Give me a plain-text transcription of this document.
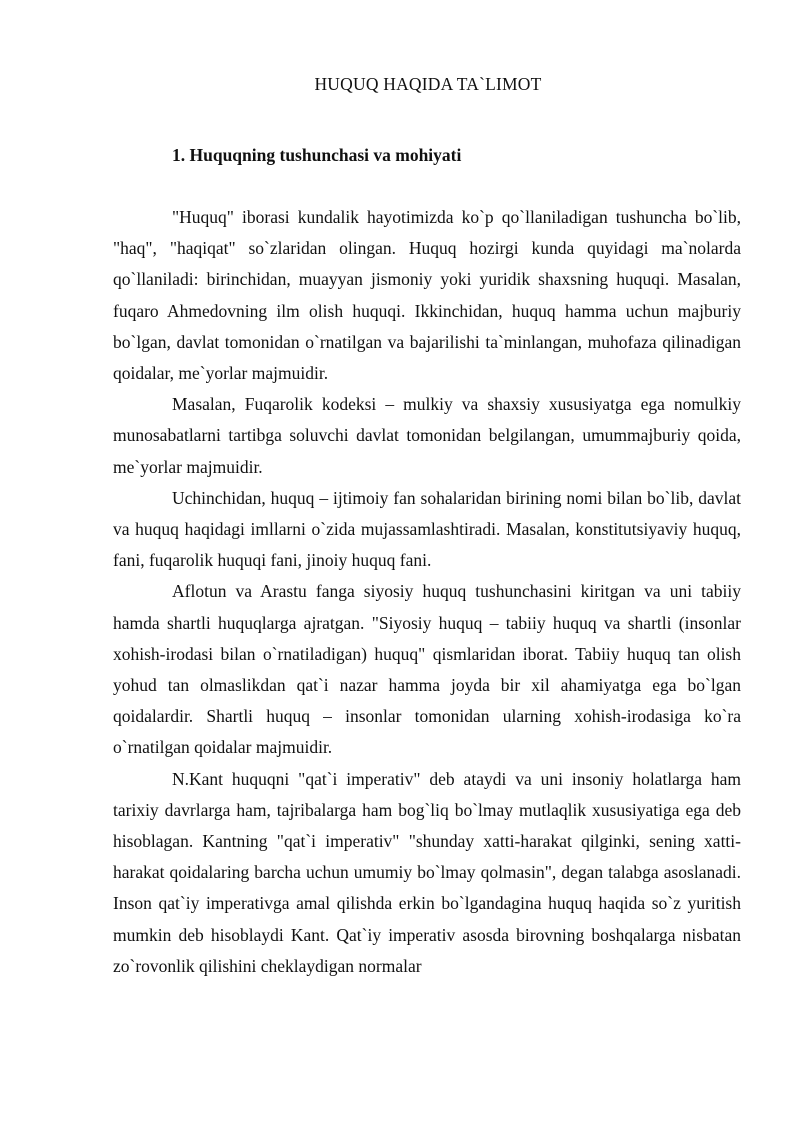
HUQUQ HAQIDA TA`LIMOT
1. Huquqning tushunchasi va mohiyati

"Huquq" iborasi kundalik hayotimizda ko`p qo`llaniladigan tushuncha bo`lib, "haq", "haqiqat" so`zlaridan olingan. Huquq hozirgi kunda quyidagi ma`nolarda qo`llaniladi: birinchidan, muayyan jismoniy yoki yuridik shaxsning huquqi. Masalan, fuqaro Ahmedovning ilm olish huquqi. Ikkinchidan, huquq hamma uchun majburiy bo`lgan, davlat tomonidan o`rnatilgan va bajarilishi ta`minlangan, muhofaza qilinadigan qoidalar, me`yorlar majmuidir.

Masalan, Fuqarolik kodeksi – mulkiy va shaxsiy xususiyatga ega nomulkiy munosabatlarni tartibga soluvchi davlat tomonidan belgilangan, umummajburiy qoida, me`yorlar majmuidir.

Uchinchidan, huquq – ijtimoiy fan sohalaridan birining nomi bilan bo`lib, davlat va huquq haqidagi imllarni o`zida mujassamlashtiradi. Masalan, konstitutsiyaviy huquq, fani, fuqarolik huquqi fani, jinoiy huquq fani.

Aflotun va Arastu fanga siyosiy huquq tushunchasini kiritgan va uni tabiiy hamda shartli huquqlarga ajratgan. "Siyosiy huquq – tabiiy huquq va shartli (insonlar xohish-irodasi bilan o`rnatiladigan) huquq" qismlaridan iborat. Tabiiy huquq tan olish yohud tan olmaslikdan qat`i nazar hamma joyda bir xil ahamiyatga ega bo`lgan qoidalardir. Shartli huquq – insonlar tomonidan ularning xohish-irodasiga ko`ra o`rnatilgan qoidalar majmuidir.

N.Kant huquqni "qat`i imperativ" deb ataydi va uni insoniy holatlarga ham tarixiy davrlarga ham, tajribalarga ham bog`liq bo`lmay mutlaqlik xususiyatiga ega deb hisoblagan. Kantning "qat`i imperativ" "shunday xatti-harakat qilginki, sening xatti-harakat qoidalaring barcha uchun umumiy bo`lmay qolmasin", degan talabga asoslanadi. Inson qat`iy imperativga amal qilishda erkin bo`lgandagina huquq haqida so`z yuritish mumkin deb hisoblaydi Kant. Qat`iy imperativ asosda birovning boshqalarga nisbatan zo`rovonlik qilishini cheklaydigan normalar
